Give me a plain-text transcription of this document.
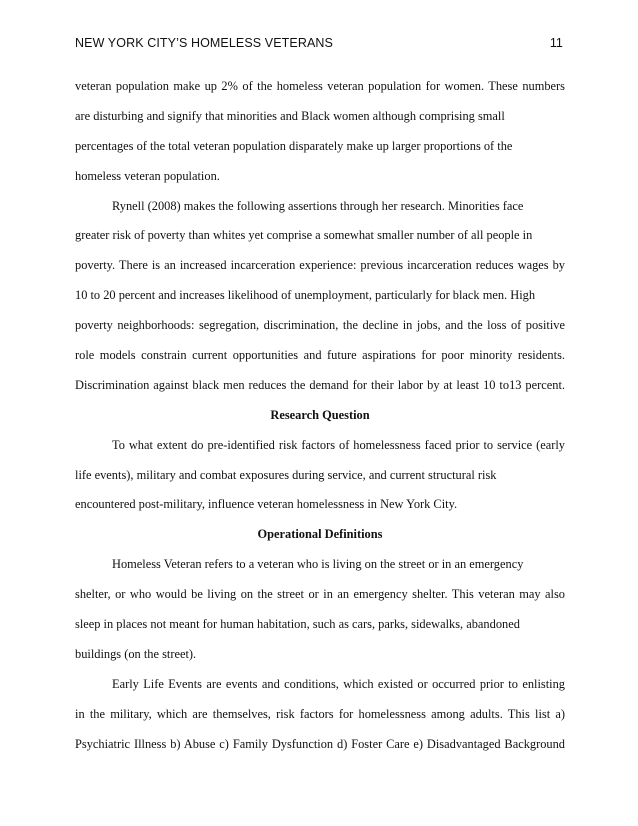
NEW YORK CITY’S HOMELESS VETERANS	11
veteran population make up 2% of the homeless veteran population for women. These numbers
are disturbing and signify that minorities and Black women although comprising small
percentages of the total veteran population disparately make up larger proportions of the
homeless veteran population.
Rynell (2008) makes the following assertions through her research. Minorities face
greater risk of poverty than whites yet comprise a somewhat smaller number of all people in
poverty. There is an increased incarceration experience: previous incarceration reduces wages by
10 to 20 percent and increases likelihood of unemployment, particularly for black men. High
poverty neighborhoods: segregation, discrimination, the decline in jobs, and the loss of positive
role models constrain current opportunities and future aspirations for poor minority residents.
Discrimination against black men reduces the demand for their labor by at least 10 to13 percent.
Research Question
To what extent do pre-identified risk factors of homelessness faced prior to service (early
life events), military and combat exposures during service, and current structural risk
encountered post-military, influence veteran homelessness in New York City.
Operational Definitions
Homeless Veteran refers to a veteran who is living on the street or in an emergency
shelter, or who would be living on the street or in an emergency shelter. This veteran may also
sleep in places not meant for human habitation, such as cars, parks, sidewalks, abandoned
buildings (on the street).
Early Life Events are events and conditions, which existed or occurred prior to enlisting
in the military, which are themselves, risk factors for homelessness among adults. This list a)
Psychiatric Illness b) Abuse c) Family Dysfunction d) Foster Care e) Disadvantaged Background
